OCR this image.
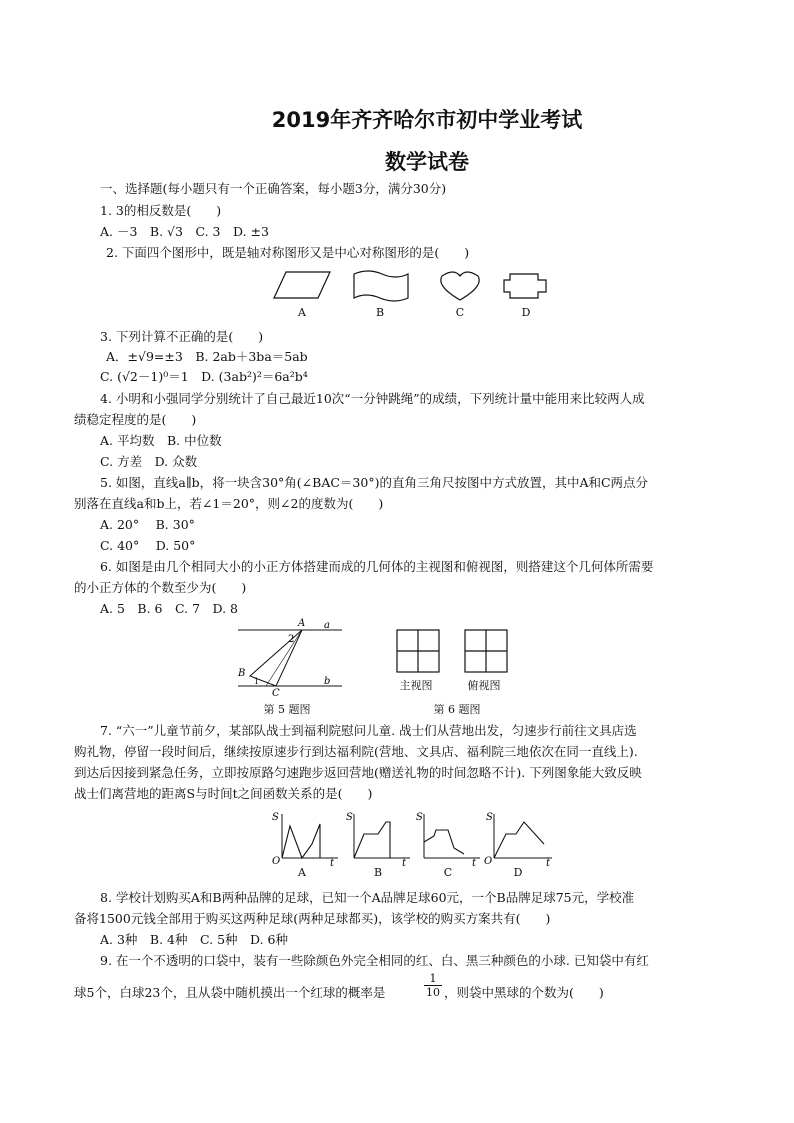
2019年齐齐哈尔市初中学业考试
数学试卷
一、选择题(每小题只有一个正确答案，每小题3分，满分30分)
1. 3的相反数是(　　)
A. －3　B. √3　C. 3　D. ±3
2. 下面四个图形中，既是轴对称图形又是中心对称图形的是(　　)
A	B	C	D
3. 下列计算不正确的是(　　)
A．±√9=±3　B. 2ab＋3ba＝5ab
C. (√2－1)⁰＝1　D. (3ab²)²＝6a²b⁴
4. 小明和小强同学分别统计了自己最近10次“一分钟跳绳”的成绩，下列统计量中能用来比较两人成
绩稳定程度的是(　　)
A. 平均数　B. 中位数
C. 方差　D. 众数
5. 如图，直线a∥b，将一块含30°角(∠BAC＝30°)的直角三角尺按图中方式放置，其中A和C两点分
别落在直线a和b上，若∠1＝20°，则∠2的度数为(　　)
A. 20°　 B. 30°
C. 40°　 D. 50°
6. 如图是由几个相同大小的小正方体搭建而成的几何体的主视图和俯视图，则搭建这个几何体所需要
的小正方体的个数至少为(　　)
A. 5　B. 6　C. 7　D. 8
A
B
C
a
b
1
2
主视图	俯视图
第 5 题图	第 6 题图
7. “六一”儿童节前夕，某部队战士到福利院慰问儿童. 战士们从营地出发，匀速步行前往文具店选
购礼物，停留一段时间后，继续按原速步行到达福利院(营地、文具店、福利院三地依次在同一直线上).
到达后因接到紧急任务，立即按原路匀速跑步返回营地(赠送礼物的时间忽略不计). 下列图象能大致反映
战士们离营地的距离S与时间t之间函数关系的是(　　)
S
O	t
S
t
S
t
S
O	t
A	B	C	D
8. 学校计划购买A和B两种品牌的足球，已知一个A品牌足球60元，一个B品牌足球75元，学校准
备将1500元钱全部用于购买这两种足球(两种足球都买)，该学校的购买方案共有(　　)
A. 3种　B. 4种　C. 5种　D. 6种
9. 在一个不透明的口袋中，装有一些除颜色外完全相同的红、白、黑三种颜色的小球. 已知袋中有红
球5个，白球23个，且从袋中随机摸出一个红球的概率是	$\frac{1}{10}$ ，则袋中黑球的个数为(　　)
